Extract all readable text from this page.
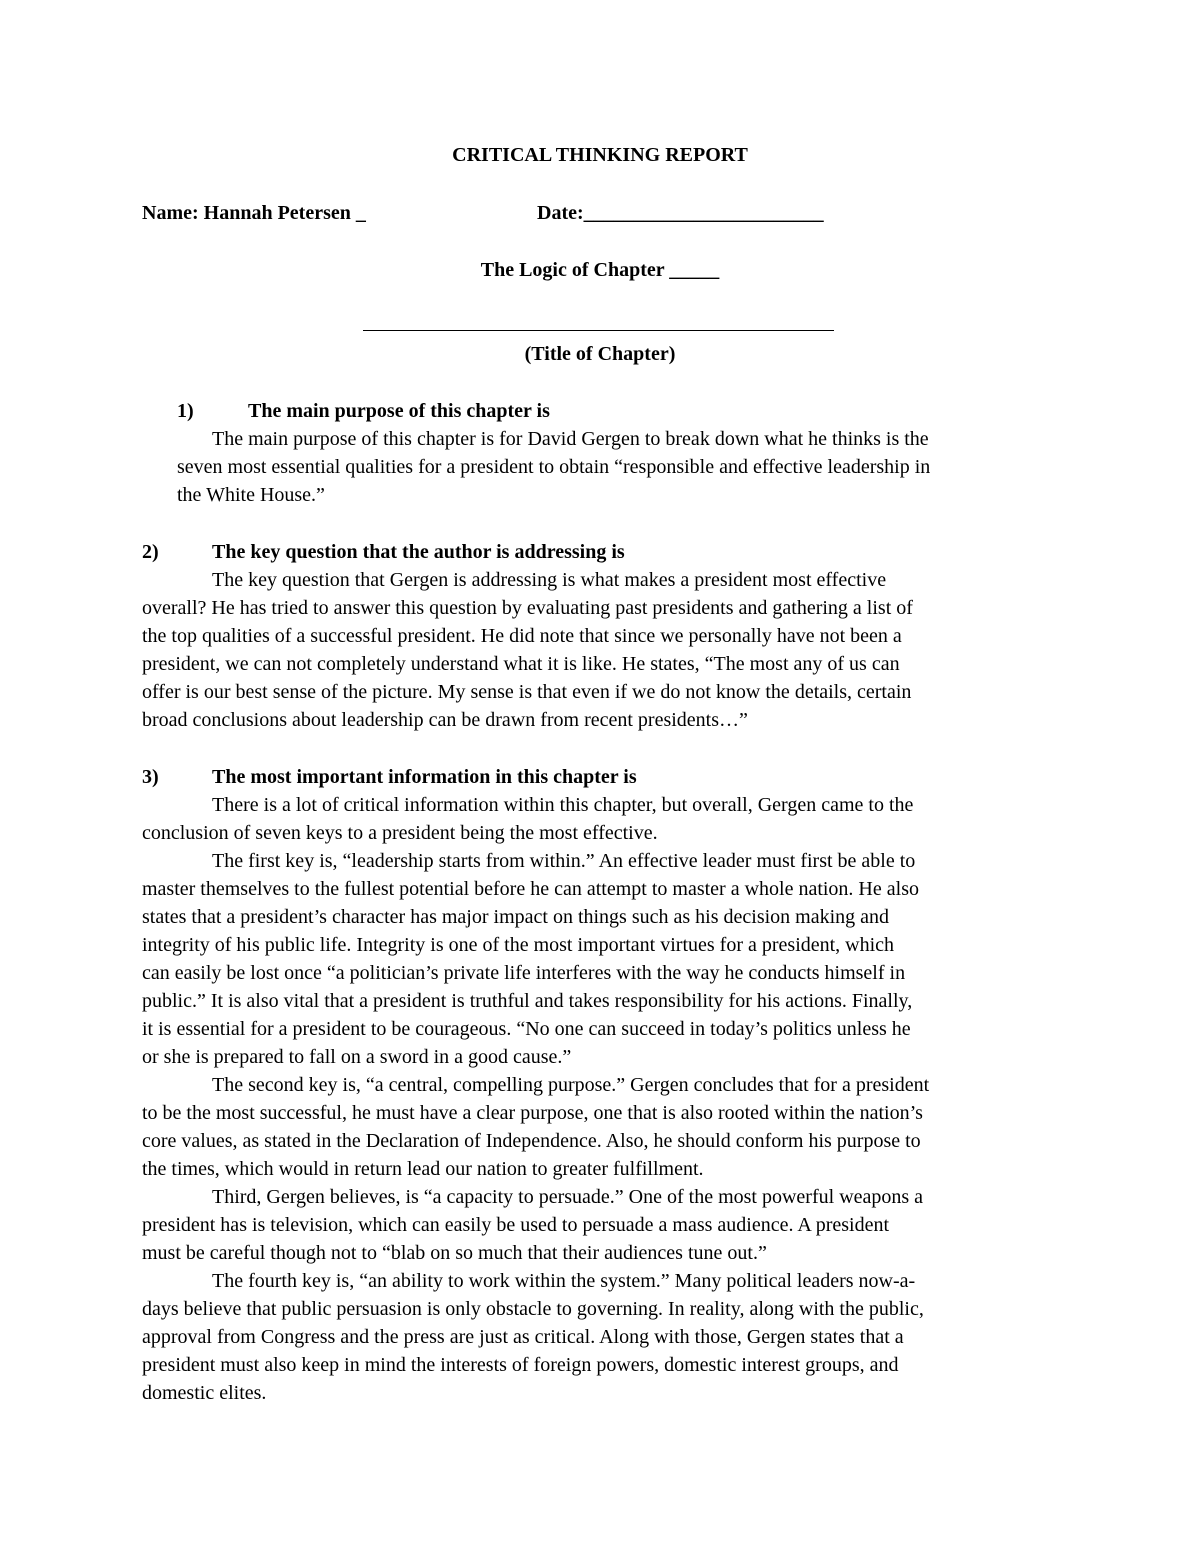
CRITICAL THINKING REPORT
Name: Hannah Petersen _	Date:________________________
The Logic of Chapter _____
(Title of Chapter)
1)	The main purpose of this chapter is
The main purpose of this chapter is for David Gergen to break down what he thinks is the
seven most essential qualities for a president to obtain “responsible and effective leadership in
the White House.”
2)	The key question that the author is addressing is
The key question that Gergen is addressing is what makes a president most effective
overall? He has tried to answer this question by evaluating past presidents and gathering a list of
the top qualities of a successful president. He did note that since we personally have not been a
president, we can not completely understand what it is like. He states, “The most any of us can
offer is our best sense of the picture. My sense is that even if we do not know the details, certain
broad conclusions about leadership can be drawn from recent presidents…”
3)	The most important information in this chapter is
There is a lot of critical information within this chapter, but overall, Gergen came to the
conclusion of seven keys to a president being the most effective.
The first key is, “leadership starts from within.” An effective leader must first be able to
master themselves to the fullest potential before he can attempt to master a whole nation. He also
states that a president’s character has major impact on things such as his decision making and
integrity of his public life. Integrity is one of the most important virtues for a president, which
can easily be lost once “a politician’s private life interferes with the way he conducts himself in
public.” It is also vital that a president is truthful and takes responsibility for his actions. Finally,
it is essential for a president to be courageous. “No one can succeed in today’s politics unless he
or she is prepared to fall on a sword in a good cause.”
The second key is, “a central, compelling purpose.” Gergen concludes that for a president
to be the most successful, he must have a clear purpose, one that is also rooted within the nation’s
core values, as stated in the Declaration of Independence. Also, he should conform his purpose to
the times, which would in return lead our nation to greater fulfillment.
Third, Gergen believes, is “a capacity to persuade.” One of the most powerful weapons a
president has is television, which can easily be used to persuade a mass audience. A president
must be careful though not to “blab on so much that their audiences tune out.”
The fourth key is, “an ability to work within the system.” Many political leaders now-a-
days believe that public persuasion is only obstacle to governing. In reality, along with the public,
approval from Congress and the press are just as critical. Along with those, Gergen states that a
president must also keep in mind the interests of foreign powers, domestic interest groups, and
domestic elites.
